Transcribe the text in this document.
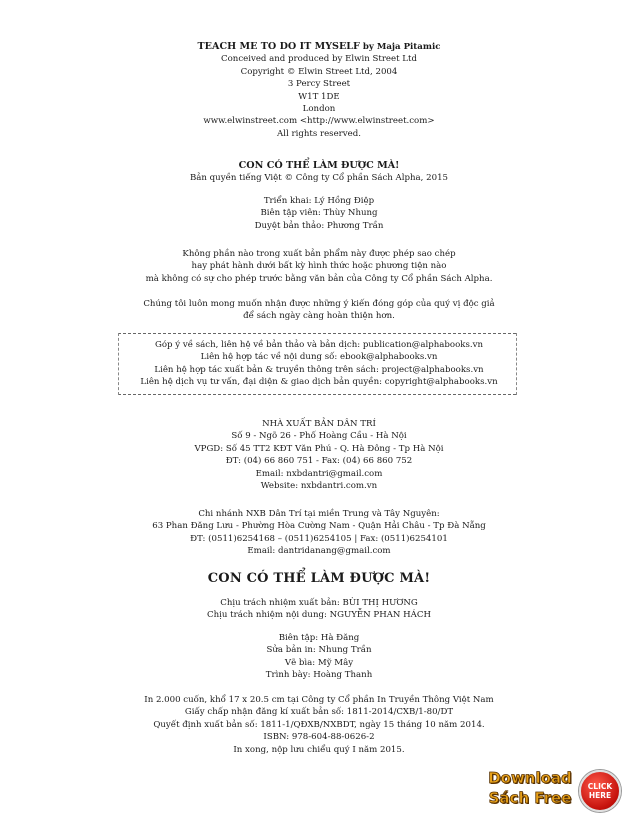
TEACH ME TO DO IT MYSELF by Maja Pitamic
Conceived and produced by Elwin Street Ltd
Copyright © Elwin Street Ltd, 2004
3 Percy Street
W1T 1DE
London
www.elwinstreet.com <http://www.elwinstreet.com>
All rights reserved.
CON CÓ THỂ LÀM ĐƯỢC MÀ!
Bản quyền tiếng Việt © Công ty Cổ phần Sách Alpha, 2015
Triển khai: Lý Hồng Điệp
Biên tập viên: Thùy Nhung
Duyệt bản thảo: Phương Trần
Không phần nào trong xuất bản phẩm này được phép sao chép
hay phát hành dưới bất kỳ hình thức hoặc phương tiện nào
mà không có sự cho phép trước bằng văn bản của Công ty Cổ phần Sách Alpha.
Chúng tôi luôn mong muốn nhận được những ý kiến đóng góp của quý vị độc giả
để sách ngày càng hoàn thiện hơn.
Góp ý về sách, liên hệ về bản thảo và bản dịch: publication@alphabooks.vn
Liên hệ hợp tác về nội dung số: ebook@alphabooks.vn
Liên hệ hợp tác xuất bản & truyền thông trên sách: project@alphabooks.vn
Liên hệ dịch vụ tư vấn, đại diện & giao dịch bản quyền: copyright@alphabooks.vn
NHÀ XUẤT BẢN DÂN TRÍ
Số 9 - Ngõ 26 - Phố Hoàng Cầu - Hà Nội
VPGD: Số 45 TT2 KĐT Văn Phú - Q. Hà Đông - Tp Hà Nội
ĐT: (04) 66 860 751 - Fax: (04) 66 860 752
Email: nxbdantri@gmail.com
Website: nxbdantri.com.vn
Chi nhánh NXB Dân Trí tại miền Trung và Tây Nguyên:
63 Phan Đăng Lưu - Phường Hòa Cường Nam - Quận Hải Châu - Tp Đà Nẵng
ĐT: (0511)6254168 – (0511)6254105 | Fax: (0511)6254101
Email: dantridanang@gmail.com
CON CÓ THỂ LÀM ĐƯỢC MÀ!
Chịu trách nhiệm xuất bản: BÙI THỊ HƯƠNG
Chịu trách nhiệm nội dung: NGUYỄN PHAN HÁCH
Biên tập: Hà Đăng
Sửa bản in: Nhung Trần
Vẽ bìa: Mỹ Mây
Trình bày: Hoàng Thanh
In 2.000 cuốn, khổ 17 x 20.5 cm tại Công ty Cổ phần In Truyền Thông Việt Nam
Giấy chấp nhận đăng kí xuất bản số: 1811-2014/CXB/1-80/DT
Quyết định xuất bản số: 1811-1/QĐXB/NXBDT, ngày 15 tháng 10 năm 2014.
ISBN: 978-604-88-0626-2
In xong, nộp lưu chiểu quý I năm 2015.
Download
Sách Free
CLICK
HERE
